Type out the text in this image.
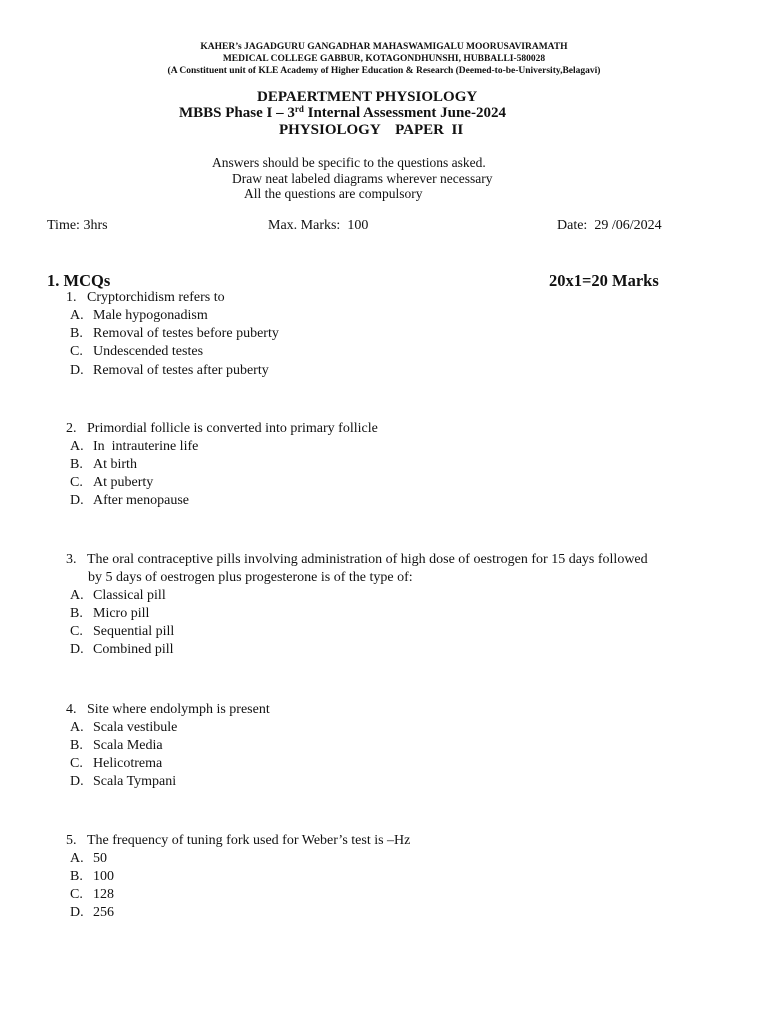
KAHER’s JAGADGURU GANGADHAR MAHASWAMIGALU MOORUSAVIRAMATH
MEDICAL COLLEGE GABBUR, KOTAGONDHUNSHI, HUBBALLI-580028
(A Constituent unit of KLE Academy of Higher Education & Research (Deemed-to-be-University,Belagavi)
DEPAERTMENT PHYSIOLOGY
MBBS Phase I – 3rd Internal Assessment June-2024
PHYSIOLOGY    PAPER  II
Answers should be specific to the questions asked.
Draw neat labeled diagrams wherever necessary
All the questions are compulsory
Time: 3hrs	Max. Marks:  100	Date:  29 /06/2024
1. MCQs	20x1=20 Marks
1. Cryptorchidism refers to
A. Male hypogonadism
B. Removal of testes before puberty
C. Undescended testes
D. Removal of testes after puberty
2. Primordial follicle is converted into primary follicle
A. In  intrauterine life
B. At birth
C. At puberty
D. After menopause
3. The oral contraceptive pills involving administration of high dose of oestrogen for 15 days followed
by 5 days of oestrogen plus progesterone is of the type of:
A. Classical pill
B. Micro pill
C. Sequential pill
D. Combined pill
4. Site where endolymph is present
A. Scala vestibule
B. Scala Media
C. Helicotrema
D. Scala Tympani
5. The frequency of tuning fork used for Weber’s test is –Hz
A. 50
B. 100
C. 128
D. 256
